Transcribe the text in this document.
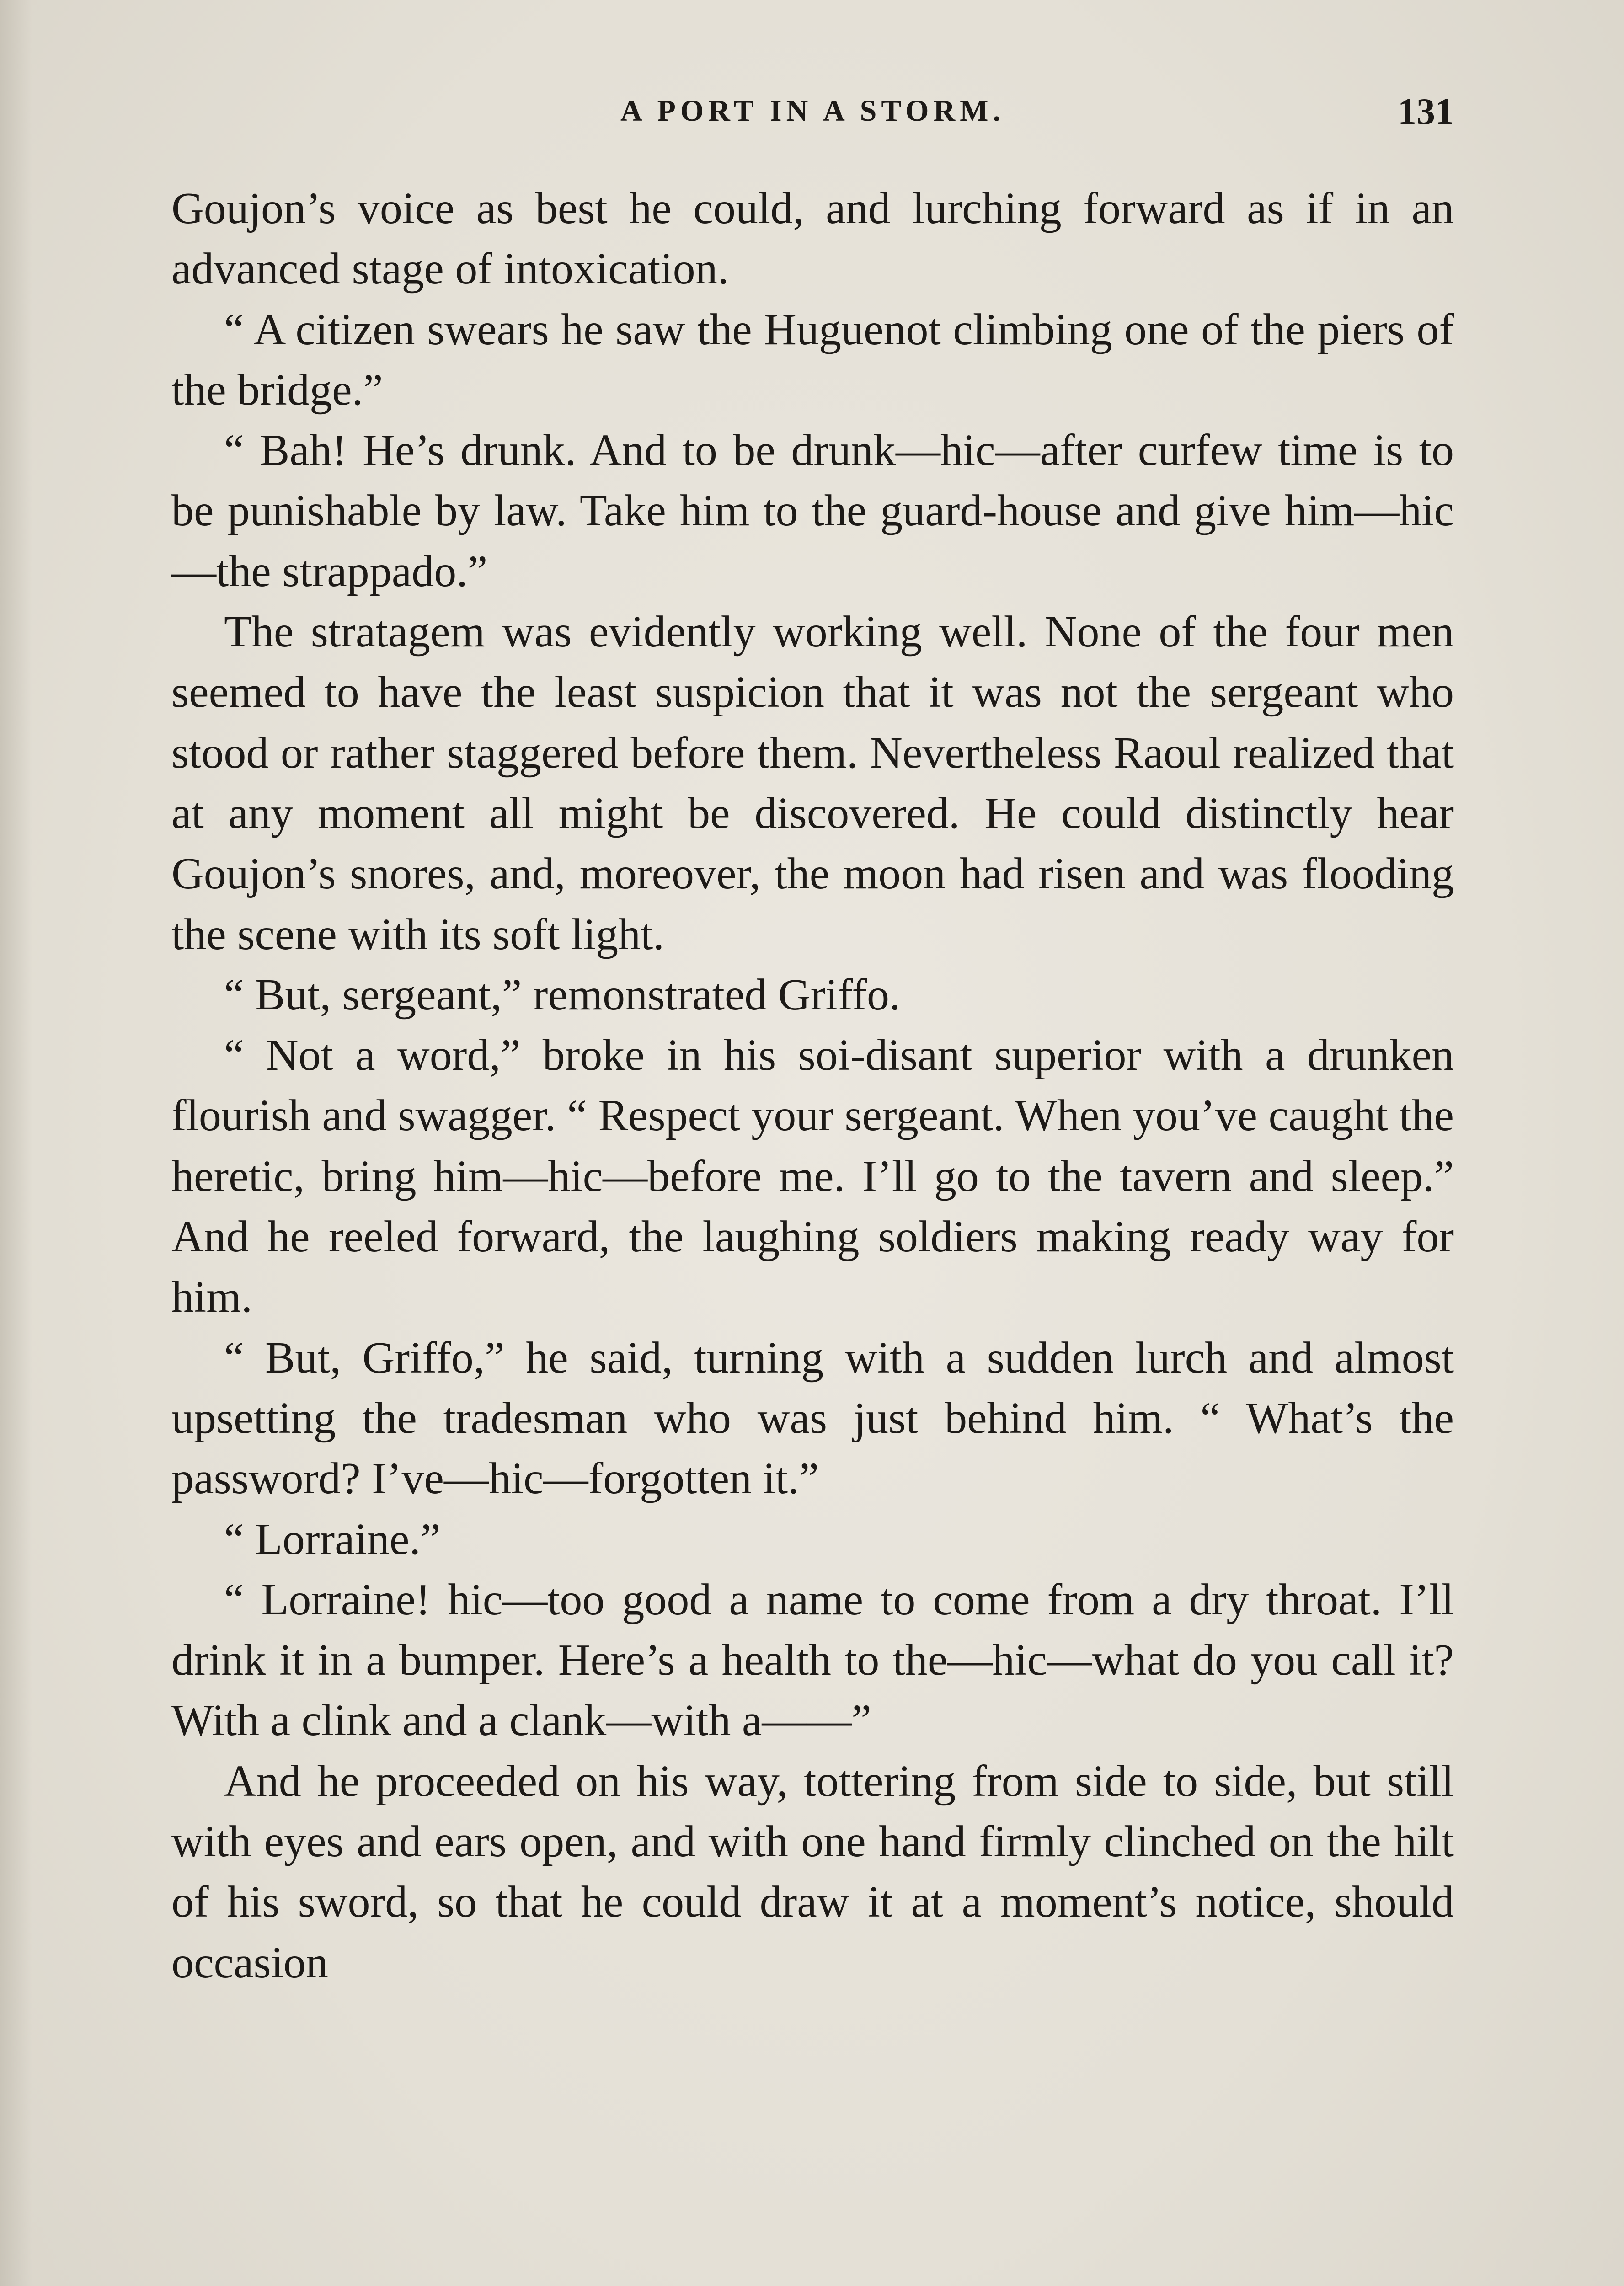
A PORT IN A STORM.	131

Goujon’s voice as best he could, and lurching forward as if in an advanced stage of intoxication.

“ A citizen swears he saw the Huguenot climbing one of the piers of the bridge.”

“ Bah! He’s drunk. And to be drunk—hic—after curfew time is to be punishable by law. Take him to the guard-house and give him—hic—the strappado.”

The stratagem was evidently working well. None of the four men seemed to have the least suspicion that it was not the sergeant who stood or rather staggered before them. Nevertheless Raoul realized that at any moment all might be discovered. He could distinctly hear Goujon’s snores, and, moreover, the moon had risen and was flooding the scene with its soft light.

“ But, sergeant,” remonstrated Griffo.

“ Not a word,” broke in his soi-disant superior with a drunken flourish and swagger. “ Respect your sergeant. When you’ve caught the heretic, bring him—hic—before me. I’ll go to the tavern and sleep.” And he reeled forward, the laughing soldiers making ready way for him.

“ But, Griffo,” he said, turning with a sudden lurch and almost upsetting the tradesman who was just behind him. “ What’s the password? I’ve—hic—forgotten it.”

“ Lorraine.”

“ Lorraine! hic—too good a name to come from a dry throat. I’ll drink it in a bumper. Here’s a health to the—hic—what do you call it? With a clink and a clank—with a——”

And he proceeded on his way, tottering from side to side, but still with eyes and ears open, and with one hand firmly clinched on the hilt of his sword, so that he could draw it at a moment’s notice, should occasion
